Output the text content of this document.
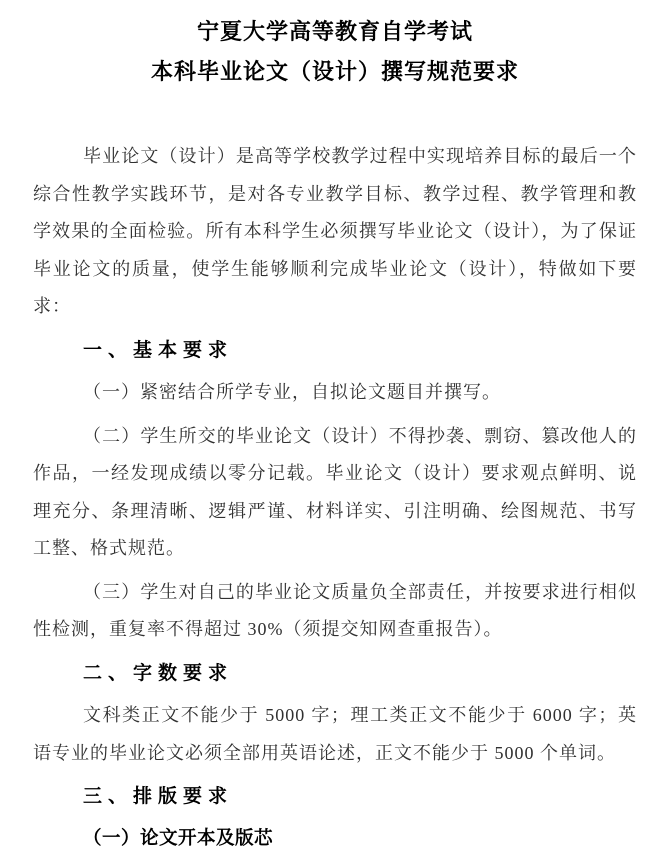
宁夏大学高等教育自学考试
本科毕业论文（设计）撰写规范要求

毕业论文（设计）是高等学校教学过程中实现培养目标的最后一个综合性教学实践环节，是对各专业教学目标、教学过程、教学管理和教学效果的全面检验。所有本科学生必须撰写毕业论文（设计），为了保证毕业论文的质量，使学生能够顺利完成毕业论文（设计），特做如下要求：

一、基本要求

（一）紧密结合所学专业，自拟论文题目并撰写。

（二）学生所交的毕业论文（设计）不得抄袭、剽窃、篡改他人的作品，一经发现成绩以零分记载。毕业论文（设计）要求观点鲜明、说理充分、条理清晰、逻辑严谨、材料详实、引注明确、绘图规范、书写工整、格式规范。

（三）学生对自己的毕业论文质量负全部责任，并按要求进行相似性检测，重复率不得超过 30%（须提交知网查重报告）。

二、字数要求

文科类正文不能少于 5000 字；理工类正文不能少于 6000 字；英语专业的毕业论文必须全部用英语论述，正文不能少于 5000 个单词。

三、排版要求

（一）论文开本及版芯
